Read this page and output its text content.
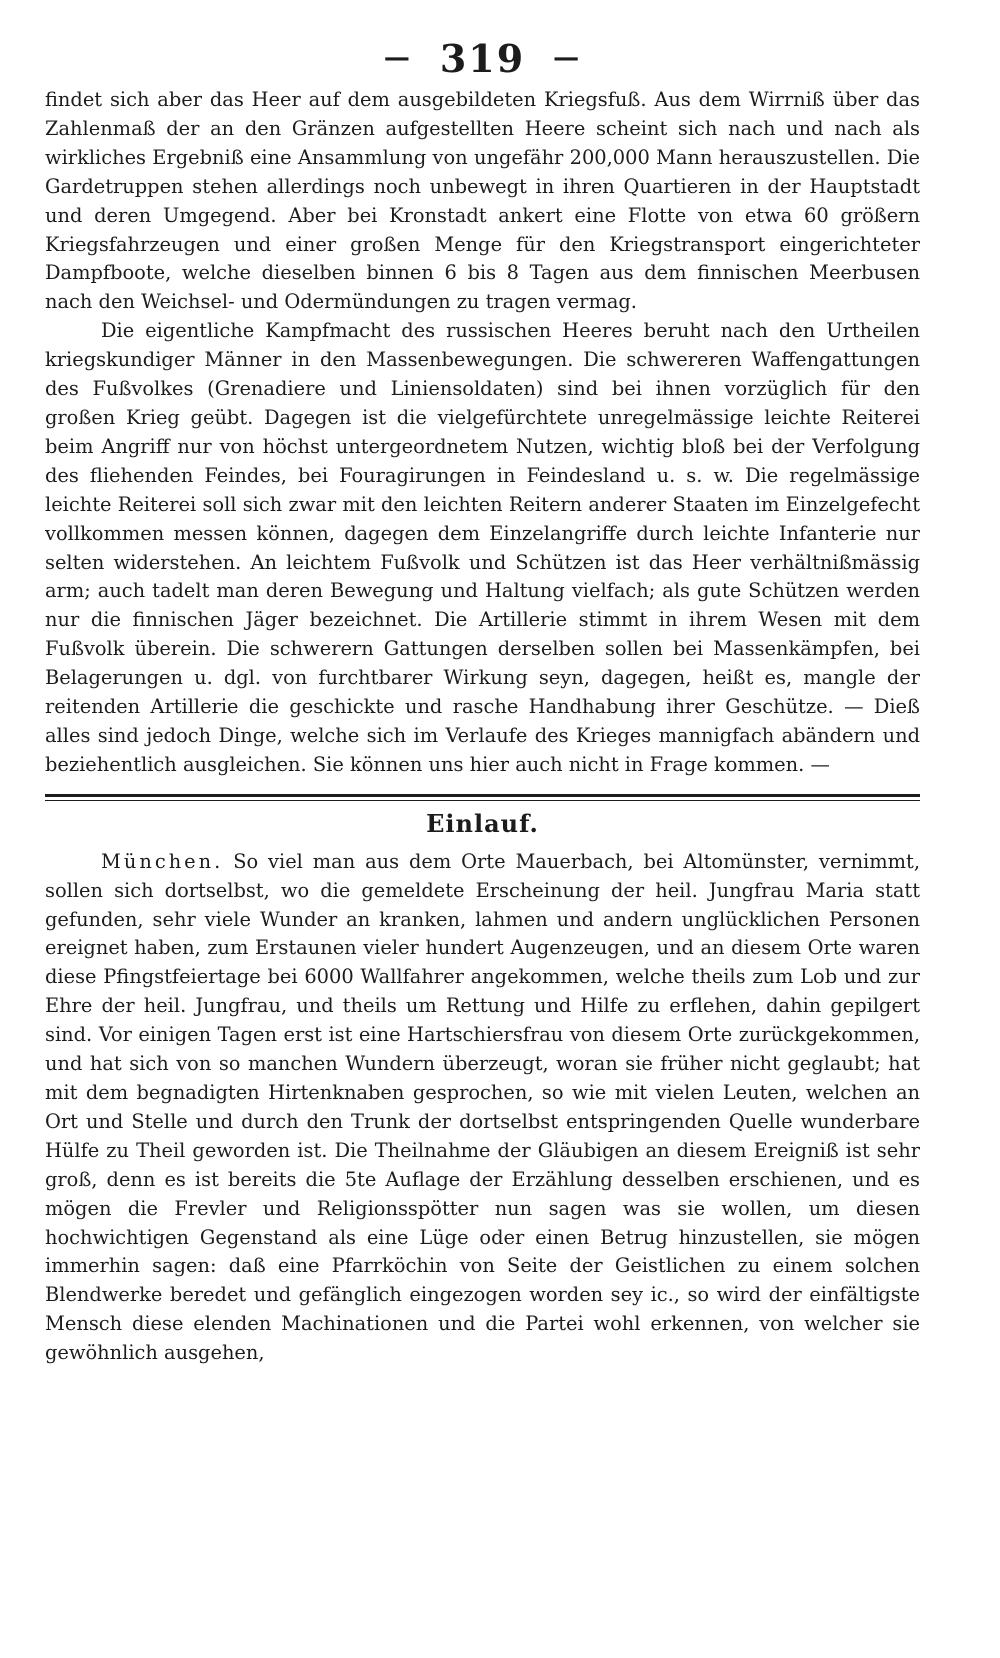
— 319 —

findet sich aber das Heer auf dem ausgebildeten Kriegsfuß. Aus dem Wirrniß über das Zahlenmaß der an den Gränzen aufgestellten Heere scheint sich nach und nach als wirkliches Ergebniß eine Ansammlung von ungefähr 200,000 Mann herauszustellen. Die Gardetruppen stehen allerdings noch unbewegt in ihren Quartieren in der Hauptstadt und deren Umgegend. Aber bei Kronstadt ankert eine Flotte von etwa 60 größern Kriegsfahrzeugen und einer großen Menge für den Kriegstransport eingerichteter Dampfboote, welche dieselben binnen 6 bis 8 Tagen aus dem finnischen Meerbusen nach den Weichsel- und Odermündungen zu tragen vermag.

Die eigentliche Kampfmacht des russischen Heeres beruht nach den Urtheilen kriegskundiger Männer in den Massenbewegungen. Die schwereren Waffengattungen des Fußvolkes (Grenadiere und Liniensoldaten) sind bei ihnen vorzüglich für den großen Krieg geübt. Dagegen ist die vielgefürchtete unregelmässige leichte Reiterei beim Angriff nur von höchst untergeordnetem Nutzen, wichtig bloß bei der Verfolgung des fliehenden Feindes, bei Fouragirungen in Feindesland u. s. w. Die regelmässige leichte Reiterei soll sich zwar mit den leichten Reitern anderer Staaten im Einzelgefecht vollkommen messen können, dagegen dem Einzelangriffe durch leichte Infanterie nur selten widerstehen. An leichtem Fußvolk und Schützen ist das Heer verhältnißmässig arm; auch tadelt man deren Bewegung und Haltung vielfach; als gute Schützen werden nur die finnischen Jäger bezeichnet. Die Artillerie stimmt in ihrem Wesen mit dem Fußvolk überein. Die schwerern Gattungen derselben sollen bei Massenkämpfen, bei Belagerungen u. dgl. von furchtbarer Wirkung seyn, dagegen, heißt es, mangle der reitenden Artillerie die geschickte und rasche Handhabung ihrer Geschütze. — Dieß alles sind jedoch Dinge, welche sich im Verlaufe des Krieges mannigfach abändern und beziehentlich ausgleichen. Sie können uns hier auch nicht in Frage kommen. —

Einlauf.

München. So viel man aus dem Orte Mauerbach, bei Altomünster, vernimmt, sollen sich dortselbst, wo die gemeldete Erscheinung der heil. Jungfrau Maria statt gefunden, sehr viele Wunder an kranken, lahmen und andern unglücklichen Personen ereignet haben, zum Erstaunen vieler hundert Augenzeugen, und an diesem Orte waren diese Pfingstfeiertage bei 6000 Wallfahrer angekommen, welche theils zum Lob und zur Ehre der heil. Jungfrau, und theils um Rettung und Hilfe zu erflehen, dahin gepilgert sind. Vor einigen Tagen erst ist eine Hartschiersfrau von diesem Orte zurückgekommen, und hat sich von so manchen Wundern überzeugt, woran sie früher nicht geglaubt; hat mit dem begnadigten Hirtenknaben gesprochen, so wie mit vielen Leuten, welchen an Ort und Stelle und durch den Trunk der dortselbst entspringenden Quelle wunderbare Hülfe zu Theil geworden ist. Die Theilnahme der Gläubigen an diesem Ereigniß ist sehr groß, denn es ist bereits die 5te Auflage der Erzählung desselben erschienen, und es mögen die Frevler und Religionsspötter nun sagen was sie wollen, um diesen hochwichtigen Gegenstand als eine Lüge oder einen Betrug hinzustellen, sie mögen immerhin sagen: daß eine Pfarrköchin von Seite der Geistlichen zu einem solchen Blendwerke beredet und gefänglich eingezogen worden sey ic., so wird der einfältigste Mensch diese elenden Machinationen und die Partei wohl erkennen, von welcher sie gewöhnlich ausgehen,
